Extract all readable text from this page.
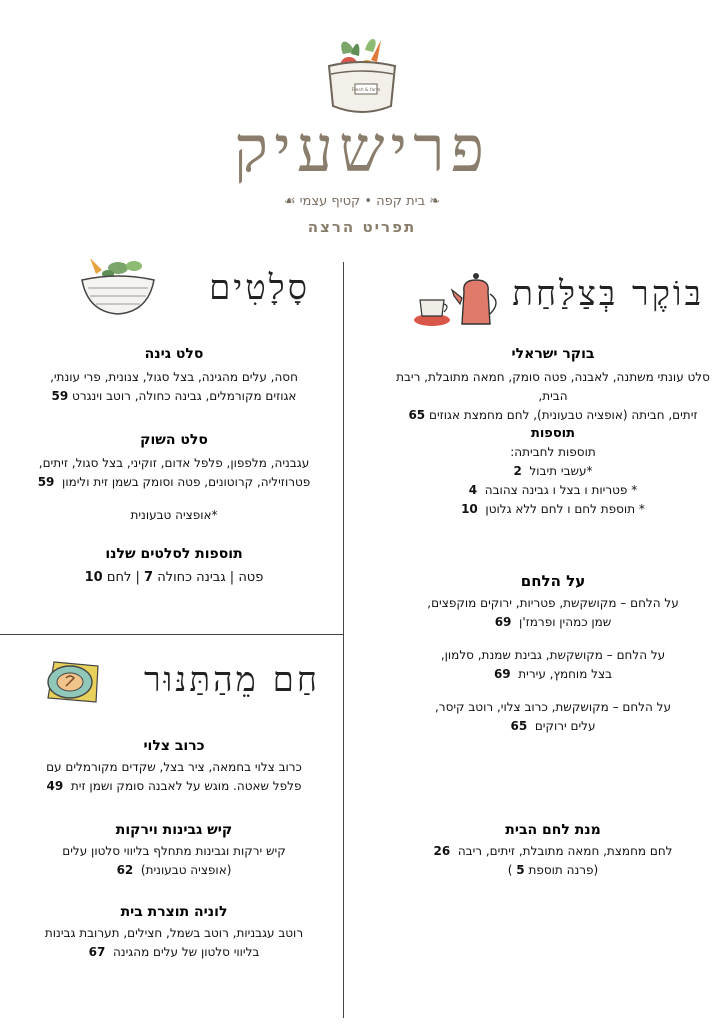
Fresh & farm
פרישעיק
❧ בית קפה • קטיף עצמי ☙
תפריט הרצה
בּוֹקֶר בְּצַלַּחַת
בוקר ישראלי
סלט עונתי משתנה, לאבנה, פטה סומק, חמאה מתובלת, ריבת הבית,
זיתים, חביתה (אופציה טבעונית), לחם מחמצת אגוזים 65
תוספות
תוספות לחביתה:
*עשבי תיבול  2
* פטריות ו בצל ו גבינה צהובה  4
* תוספת לחם ו לחם ללא גלוטן  10
על הלחם
על הלחם – מקושקשת, פטריות, ירוקים מוקפצים,
שמן כמהין ופרמז'ן  69
על הלחם – מקושקשת, גבינת שמנת, סלמון,
בצל מוחמץ, עירית  69
על הלחם – מקושקשת, כרוב צלוי, רוטב קיסר,
עלים ירוקים  65
מנת לחם הבית
לחם מחמצת, חמאה מתובלת, זיתים, ריבה  26
(פרנה תוספת 5 )
סָלָטִים
סלט גינה
חסה, עלים מהגינה, בצל סגול, צנונית, פרי עונתי,
אגוזים מקורמלים, גבינה כחולה, רוטב וינגרט 59
סלט השוק
עגבניה, מלפפון, פלפל אדום, זוקיני, בצל סגול, זיתים,
פטרוזיליה, קרוטונים, פטה וסומק בשמן זית ולימון  59
*אופציה טבעונית
תוספות לסלטים שלנו
פטה | גבינה כחולה 7 | לחם 10
חַם מֵהַתַּנּוּר
כרוב צלוי
כרוב צלוי בחמאה, ציר בצל, שקדים מקורמלים עם
פלפל שאטה. מוגש על לאבנה סומק ושמן זית  49
קיש גבינות וירקות
קיש ירקות וגבינות מתחלף בליווי סלטון עלים
(אופציה טבעונית)  62
לוניה תוצרת בית
רוטב עגבניות, רוטב בשמל, חצילים, תערובת גבינות
בליווי סלטון של עלים מהגינה  67
